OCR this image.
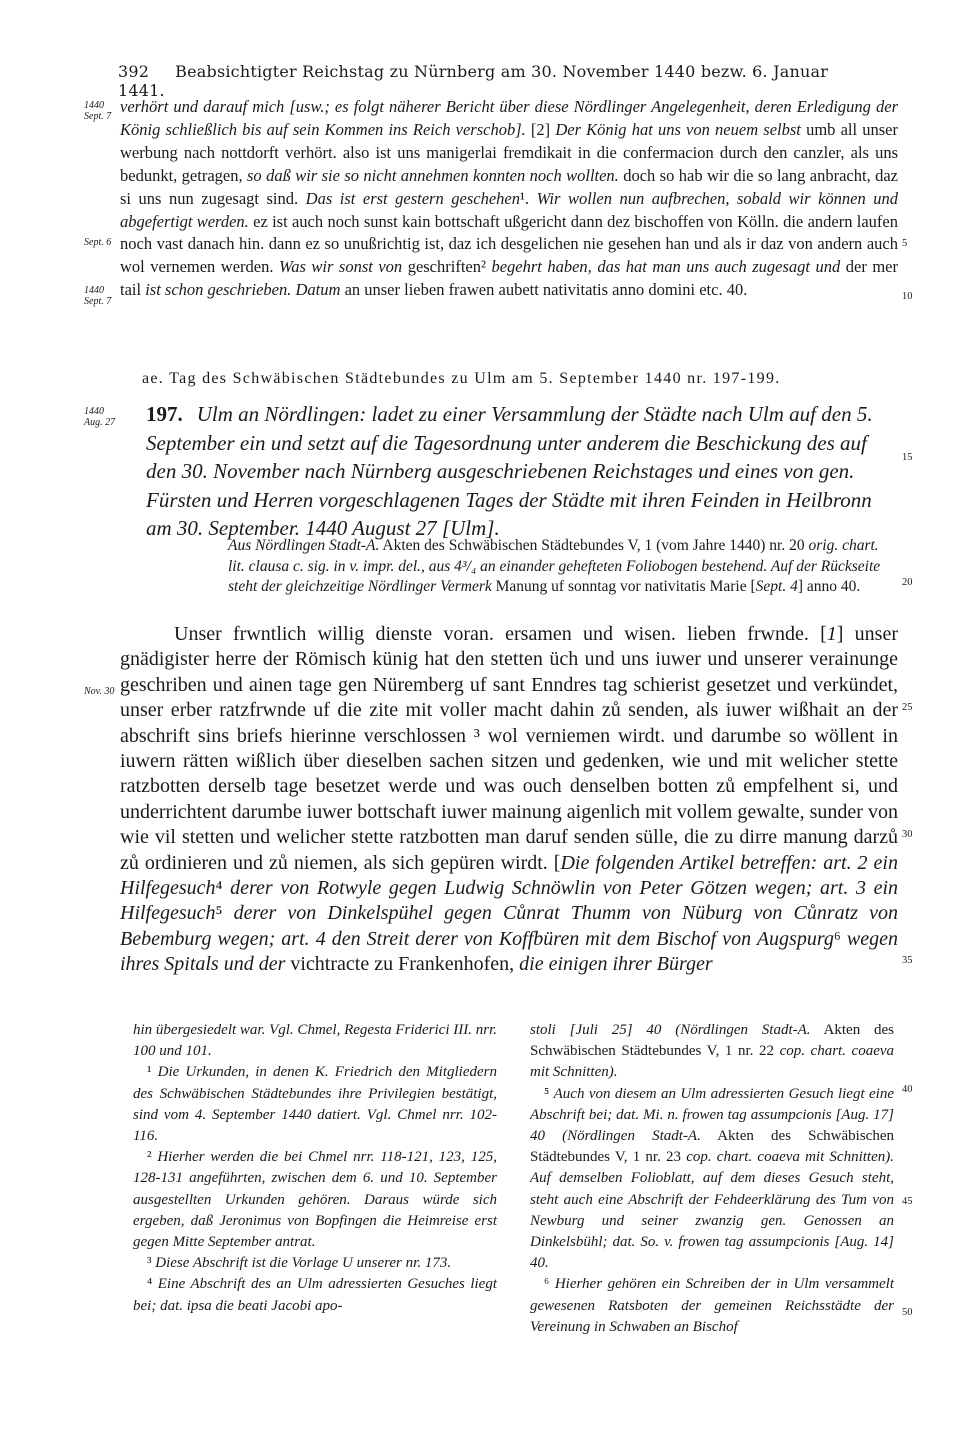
392 Beabsichtigter Reichstag zu Nürnberg am 30. November 1440 bezw. 6. Januar 1441.
1440
Sept. 7
Sept. 6
1440
Sept. 7
1440
Aug. 27
Nov. 30
5
10
15
20
25
30
35
40
45
50
verhört und darauf mich [usw.; es folgt näherer Bericht über diese Nördlinger Angelegenheit, deren Erledigung der König schließlich bis auf sein Kommen ins Reich verschob]. [2] Der König hat uns von neuem selbst umb all unser werbung nach nottdorft verhört. also ist uns manigerlai fremdikait in die confermacion durch den canzler, als uns bedunkt, getragen, so daß wir sie so nicht annehmen konnten noch wollten. doch so hab wir die so lang anbracht, daz si uns nun zugesagt sind. Das ist erst gestern geschehen¹. Wir wollen nun aufbrechen, sobald wir können und abgefertigt werden. ez ist auch noch sunst kain bottschaft ußgericht dann dez bischoffen von Kölln. die andern laufen noch vast danach hin. dann ez so unußrichtig ist, daz ich desgelichen nie gesehen han und als ir daz von andern auch wol vernemen werden. Was wir sonst von geschriften² begehrt haben, das hat man uns auch zugesagt und der mer tail ist schon geschrieben. Datum an unser lieben frawen aubett nativitatis anno domini etc. 40.
ae. Tag des Schwäbischen Städtebundes zu Ulm am 5. September 1440 nr. 197-199.
197. Ulm an Nördlingen: ladet zu einer Versammlung der Städte nach Ulm auf den 5. September ein und setzt auf die Tagesordnung unter anderem die Beschickung des auf den 30. November nach Nürnberg ausgeschriebenen Reichstages und eines von gen. Fürsten und Herren vorgeschlagenen Tages der Städte mit ihren Feinden in Heilbronn am 30. September. 1440 August 27 [Ulm].
Aus Nördlingen Stadt-A. Akten des Schwäbischen Städtebundes V, 1 (vom Jahre 1440) nr. 20 orig. chart. lit. clausa c. sig. in v. impr. del., aus 4³/₄ an einander gehefteten Foliobogen bestehend. Auf der Rückseite steht der gleichzeitige Nördlinger Vermerk Manung uf sonntag vor nativitatis Marie [Sept. 4] anno 40.
Unser frwntlich willig dienste voran. ersamen und wisen. lieben frwnde. [1] unser gnädigister herre der Römisch künig hat den stetten üch und uns iuwer und unserer verainunge geschriben und ainen tage gen Nüremberg uf sant Enndres tag schierist gesetzet und verkündet, unser erber ratzfrwnde uf die zite mit voller macht dahin zů senden, als iuwer wißhait an der abschrift sins briefs hierinne verschlossen ³ wol verniemen wirdt. und darumbe so wöllent in iuwern rätten wißlich über dieselben sachen sitzen und gedenken, wie und mit welicher stette ratzbotten derselb tage besetzet werde und was ouch denselben botten zů empfelhent si, und underrichtent darumbe iuwer bottschaft iuwer mainung aigenlich mit vollem gewalte, sunder von wie vil stetten und welicher stette ratzbotten man daruf senden sülle, die zu dirre manung darzů zů ordinieren und zů niemen, als sich gepüren wirdt. [Die folgenden Artikel betreffen: art. 2 ein Hilfegesuch⁴ derer von Rotwyle gegen Ludwig Schnöwlin von Peter Götzen wegen; art. 3 ein Hilfegesuch⁵ derer von Dinkelspühel gegen Cůnrat Thumm von Nüburg von Cůnratz von Bebemburg wegen; art. 4 den Streit derer von Koffbüren mit dem Bischof von Augspurg⁶ wegen ihres Spitals und der vichtracte zu Frankenhofen, die einigen ihrer Bürger

hin übergesiedelt war. Vgl. Chmel, Regesta Friderici III. nrr. 100 und 101.

¹ Die Urkunden, in denen K. Friedrich den Mitgliedern des Schwäbischen Städtebundes ihre Privilegien bestätigt, sind vom 4. September 1440 datiert. Vgl. Chmel nrr. 102-116.

² Hierher werden die bei Chmel nrr. 118-121, 123, 125, 128-131 angeführten, zwischen dem 6. und 10. September ausgestellten Urkunden gehören. Daraus würde sich ergeben, daß Jeronimus von Bopfingen die Heimreise erst gegen Mitte September antrat.

³ Diese Abschrift ist die Vorlage U unserer nr. 173.

⁴ Eine Abschrift des an Ulm adressierten Gesuches liegt bei; dat. ipsa die beati Jacobi apo-

stoli [Juli 25] 40 (Nördlingen Stadt-A. Akten des Schwäbischen Städtebundes V, 1 nr. 22 cop. chart. coaeva mit Schnitten).

⁵ Auch von diesem an Ulm adressierten Gesuch liegt eine Abschrift bei; dat. Mi. n. frowen tag assumpcionis [Aug. 17] 40 (Nördlingen Stadt-A. Akten des Schwäbischen Städtebundes V, 1 nr. 23 cop. chart. coaeva mit Schnitten). Auf demselben Folioblatt, auf dem dieses Gesuch steht, steht auch eine Abschrift der Fehdeerklärung des Tum von Newburg und seiner zwanzig gen. Genossen an Dinkelsbühl; dat. So. v. frowen tag assumpcionis [Aug. 14] 40.

⁶ Hierher gehören ein Schreiben der in Ulm versammelt gewesenen Ratsboten der gemeinen Reichsstädte der Vereinung in Schwaben an Bischof
